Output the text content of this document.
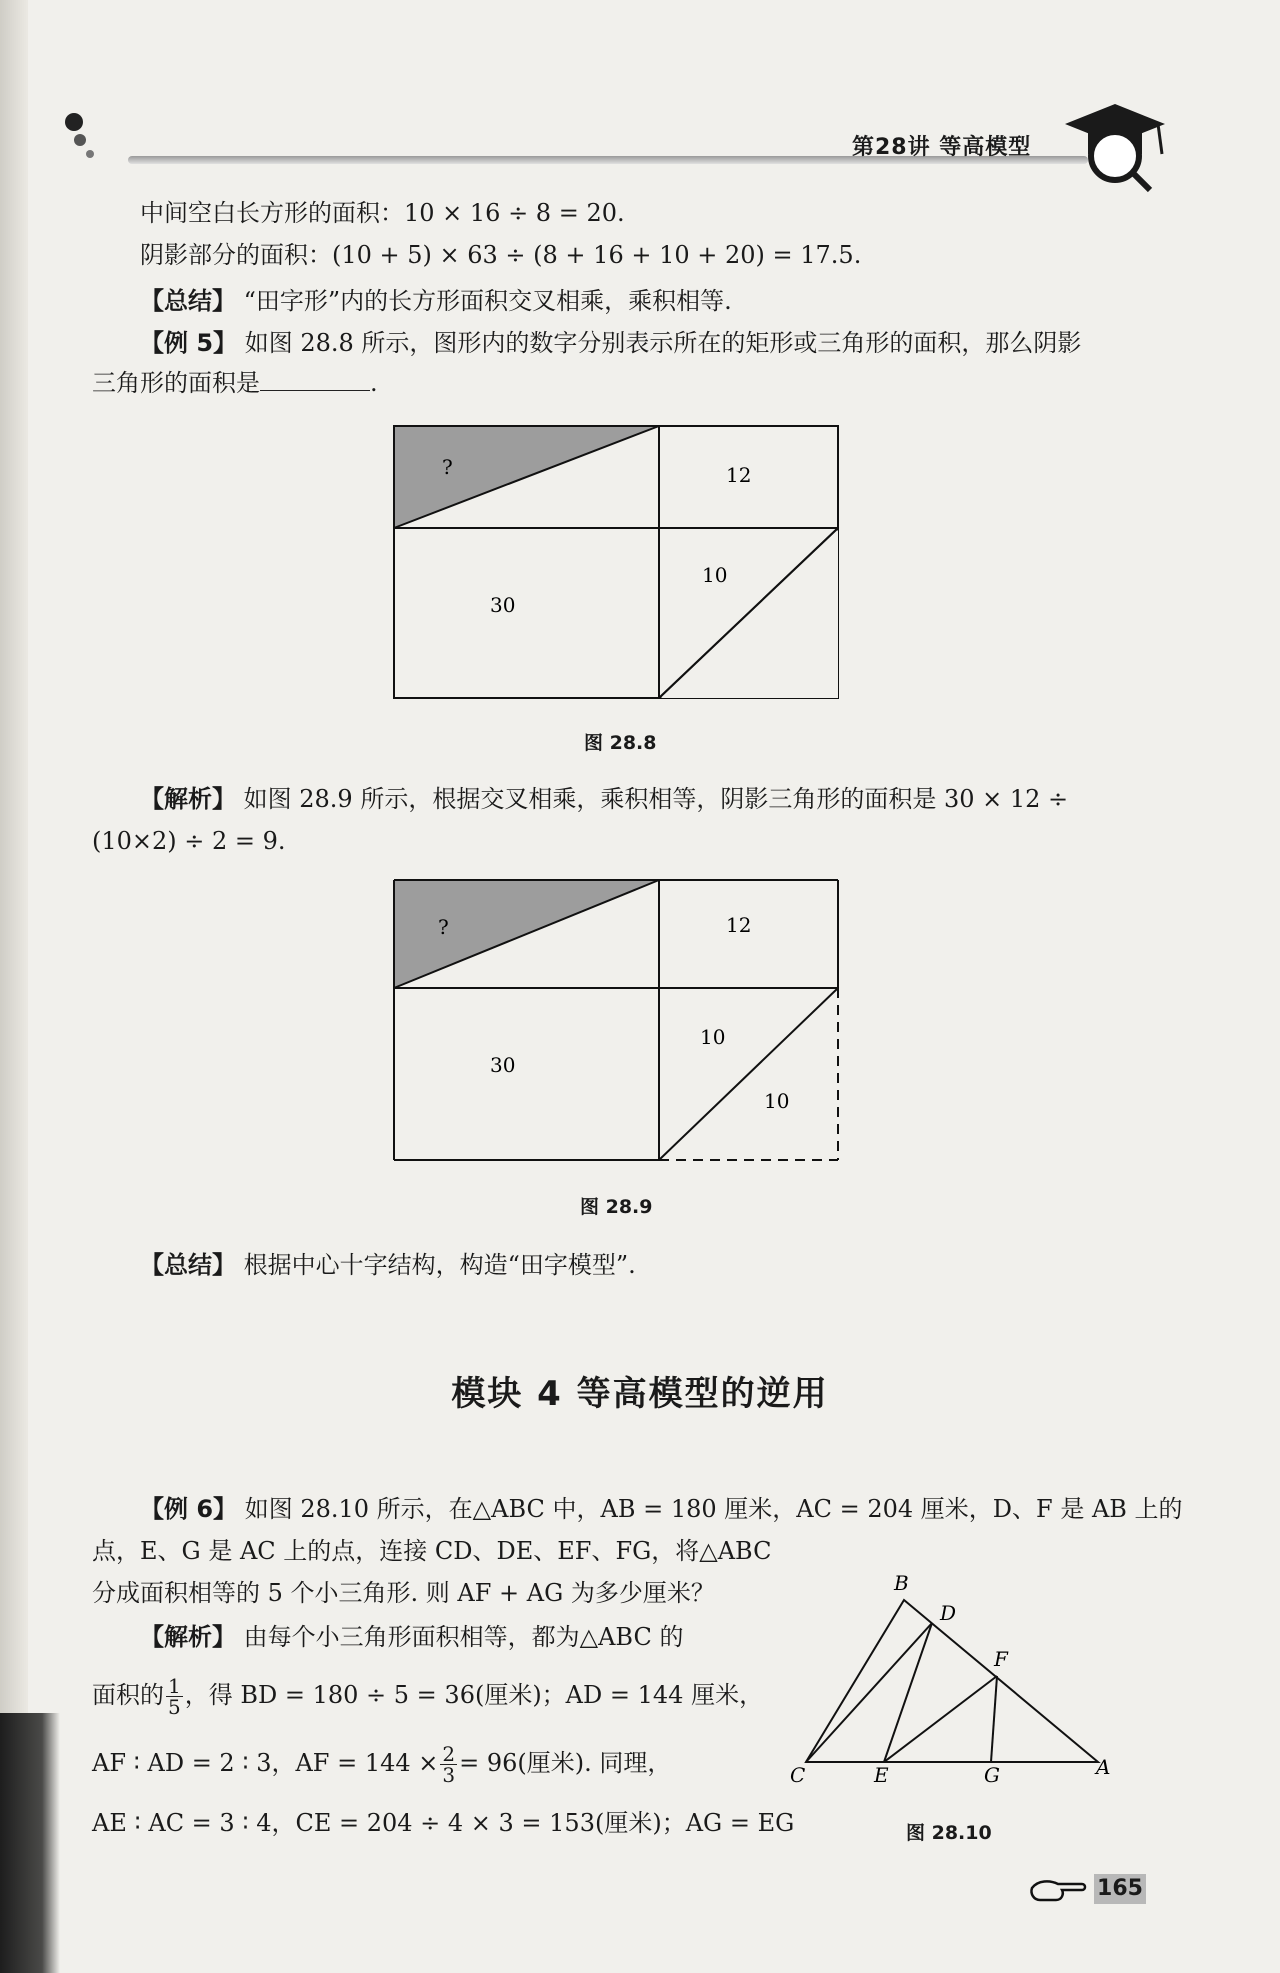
第28讲 等高模型
中间空白长方形的面积：10 × 16 ÷ 8 = 20.
阴影部分的面积：(10 + 5) × 63 ÷ (8 + 16 + 10 + 20) = 17.5.
【总结】 “田字形”内的长方形面积交叉相乘，乘积相等.
【例 5】 如图 28.8 所示，图形内的数字分别表示所在的矩形或三角形的面积，那么阴影
三角形的面积是	.
?	12
30
10
图 28.8
【解析】 如图 28.9 所示，根据交叉相乘，乘积相等，阴影三角形的面积是 30 × 12 ÷
(10×2) ÷ 2 = 9.
?	12
30
10
10
图 28.9
【总结】 根据中心十字结构，构造“田字模型”.
模块 4 等高模型的逆用
【例 6】 如图 28.10 所示，在△ABC 中，AB = 180 厘米，AC = 204 厘米，D、F 是 AB 上的
点，E、G 是 AC 上的点，连接 CD、DE、EF、FG，将△ABC
分成面积相等的 5 个小三角形. 则 AF + AG 为多少厘米？
【解析】 由每个小三角形面积相等，都为△ABC 的
面积的 $\frac{1}{5}$ ，得 BD = 180 ÷ 5 = 36(厘米)；AD = 144 厘米，
AF ∶ AD = 2 ∶ 3，AF = $144 \times \frac{2}{3} = 96$(厘米). 同理，
AE ∶ AC = 3 ∶ 4，CE = 204 ÷ 4 × 3 = 153(厘米)；AG = EG
B
D
F
C	E	G	A
图 28.10
165
